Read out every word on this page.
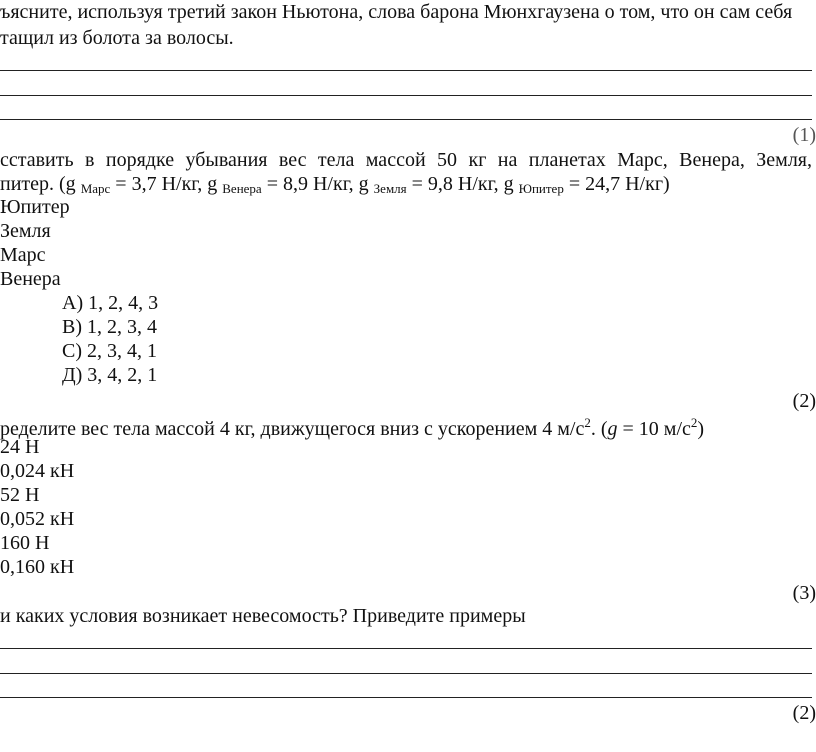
ъясните, используя третий закон Ньютона, слова барона Мюнхгаузена о том, что он сам себя
тащил из болота за волосы.
(1)
сставить в порядке убывания вес тела массой 50 кг на планетах Марс, Венера, Земля,
питер. (g $_{Марс}$ = 3,7 Н/кг, g $_{Венера}$ = 8,9 Н/кг, g $_{Земля}$ = 9,8 Н/кг, g $_{Юпитер}$ = 24,7 Н/кг)
Юпитер
Земля
Марс
Венера
А) 1, 2, 4, 3
В) 1, 2, 3, 4
С) 2, 3, 4, 1
Д) 3, 4, 2, 1
(2)
ределите вес тела массой 4 кг, движущегося вниз с ускорением 4 $м/с^2$. (g = 10 $м/с^2$)
24 Н
0,024 кН
52 Н
0,052 кН
160 Н
0,160 кН
(3)
и каких условия возникает невесомость? Приведите примеры
(2)
